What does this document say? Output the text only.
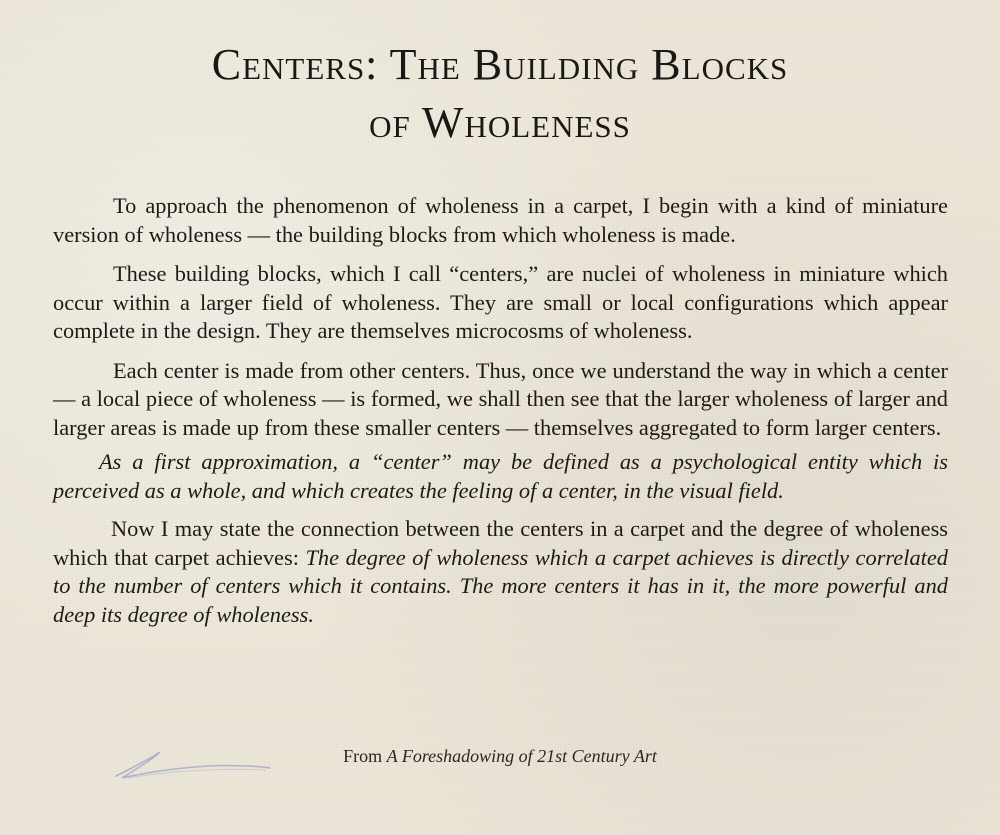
Centers: The Building Blocks
of Wholeness

To approach the phenomenon of wholeness in a carpet, I begin with a kind of miniature version of wholeness — the building blocks from which wholeness is made.

These building blocks, which I call “centers,” are nuclei of wholeness in miniature which occur within a larger field of wholeness. They are small or local configurations which appear complete in the design. They are themselves microcosms of wholeness.

Each center is made from other centers. Thus, once we understand the way in which a center — a local piece of wholeness — is formed, we shall then see that the larger wholeness of larger and larger areas is made up from these smaller centers — themselves aggregated to form larger centers.

As a first approximation, a “center” may be defined as a psychological entity which is perceived as a whole, and which creates the feeling of a center, in the visual field.

Now I may state the connection between the centers in a carpet and the degree of wholeness which that carpet achieves: The degree of wholeness which a carpet achieves is directly correlated to the number of centers which it contains. The more centers it has in it, the more powerful and deep its degree of wholeness.

From A Foreshadowing of 21st Century Art
